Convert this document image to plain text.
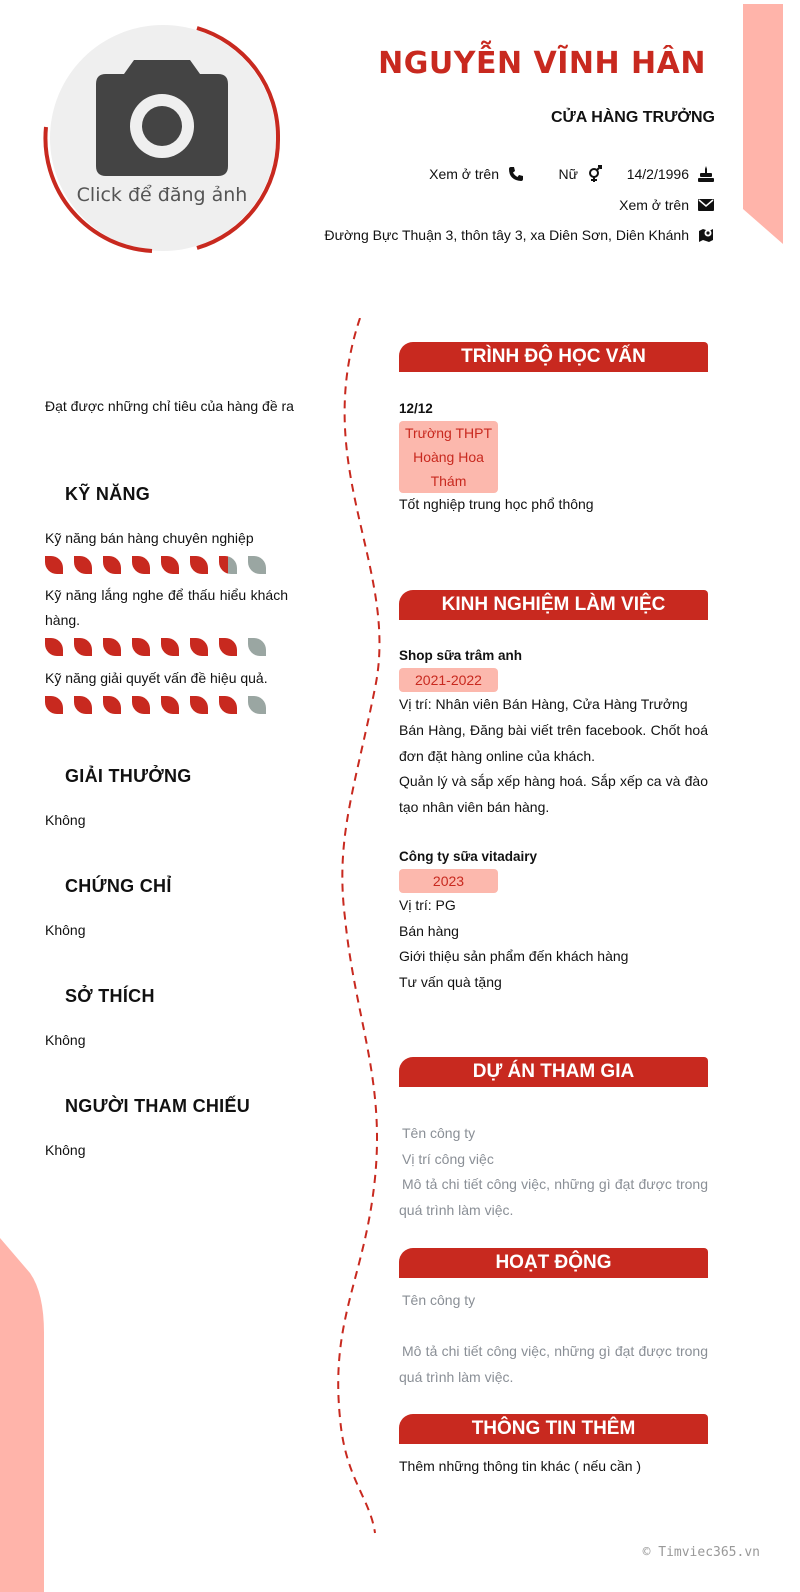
Click để đăng ảnh
NGUYỄN VĨNH HÂN
CỬA HÀNG TRƯỞNG
Xem ở trên	Nữ	14/2/1996
Xem ở trên
Đường Bực Thuận 3, thôn tây 3, xa Diên Sơn, Diên Khánh
Đạt được những chỉ tiêu của hàng đề ra
KỸ NĂNG
Kỹ năng bán hàng chuyên nghiệp
Kỹ năng lắng nghe để thấu hiểu khách hàng.
Kỹ năng giải quyết vấn đề hiệu quả.
GIẢI THƯỞNG
Không
CHỨNG CHỈ
Không
SỞ THÍCH
Không
NGƯỜI THAM CHIẾU
Không
TRÌNH ĐỘ HỌC VẤN
12/12
Trường THPT Hoàng Hoa Thám
Tốt nghiệp trung học phổ thông
KINH NGHIỆM LÀM VIỆC
Shop sữa trâm anh
2021-2022
Vị trí: Nhân viên Bán Hàng, Cửa Hàng Trưởng
Bán Hàng, Đăng bài viết trên facebook. Chốt hoá đơn đặt hàng online của khách.
Quản lý và sắp xếp hàng hoá. Sắp xếp ca và đào tạo nhân viên bán hàng.
Công ty sữa vitadairy
2023
Vị trí: PG
Bán hàng
Giới thiệu sản phẩm đến khách hàng
Tư vấn quà tặng
DỰ ÁN THAM GIA
Tên công ty
Vị trí công việc
Mô tả chi tiết công việc, những gì đạt được trong quá trình làm việc.
HOẠT ĐỘNG
Tên công ty
Mô tả chi tiết công việc, những gì đạt được trong quá trình làm việc.
THÔNG TIN THÊM
Thêm những thông tin khác ( nếu cần )
© Timviec365.vn
